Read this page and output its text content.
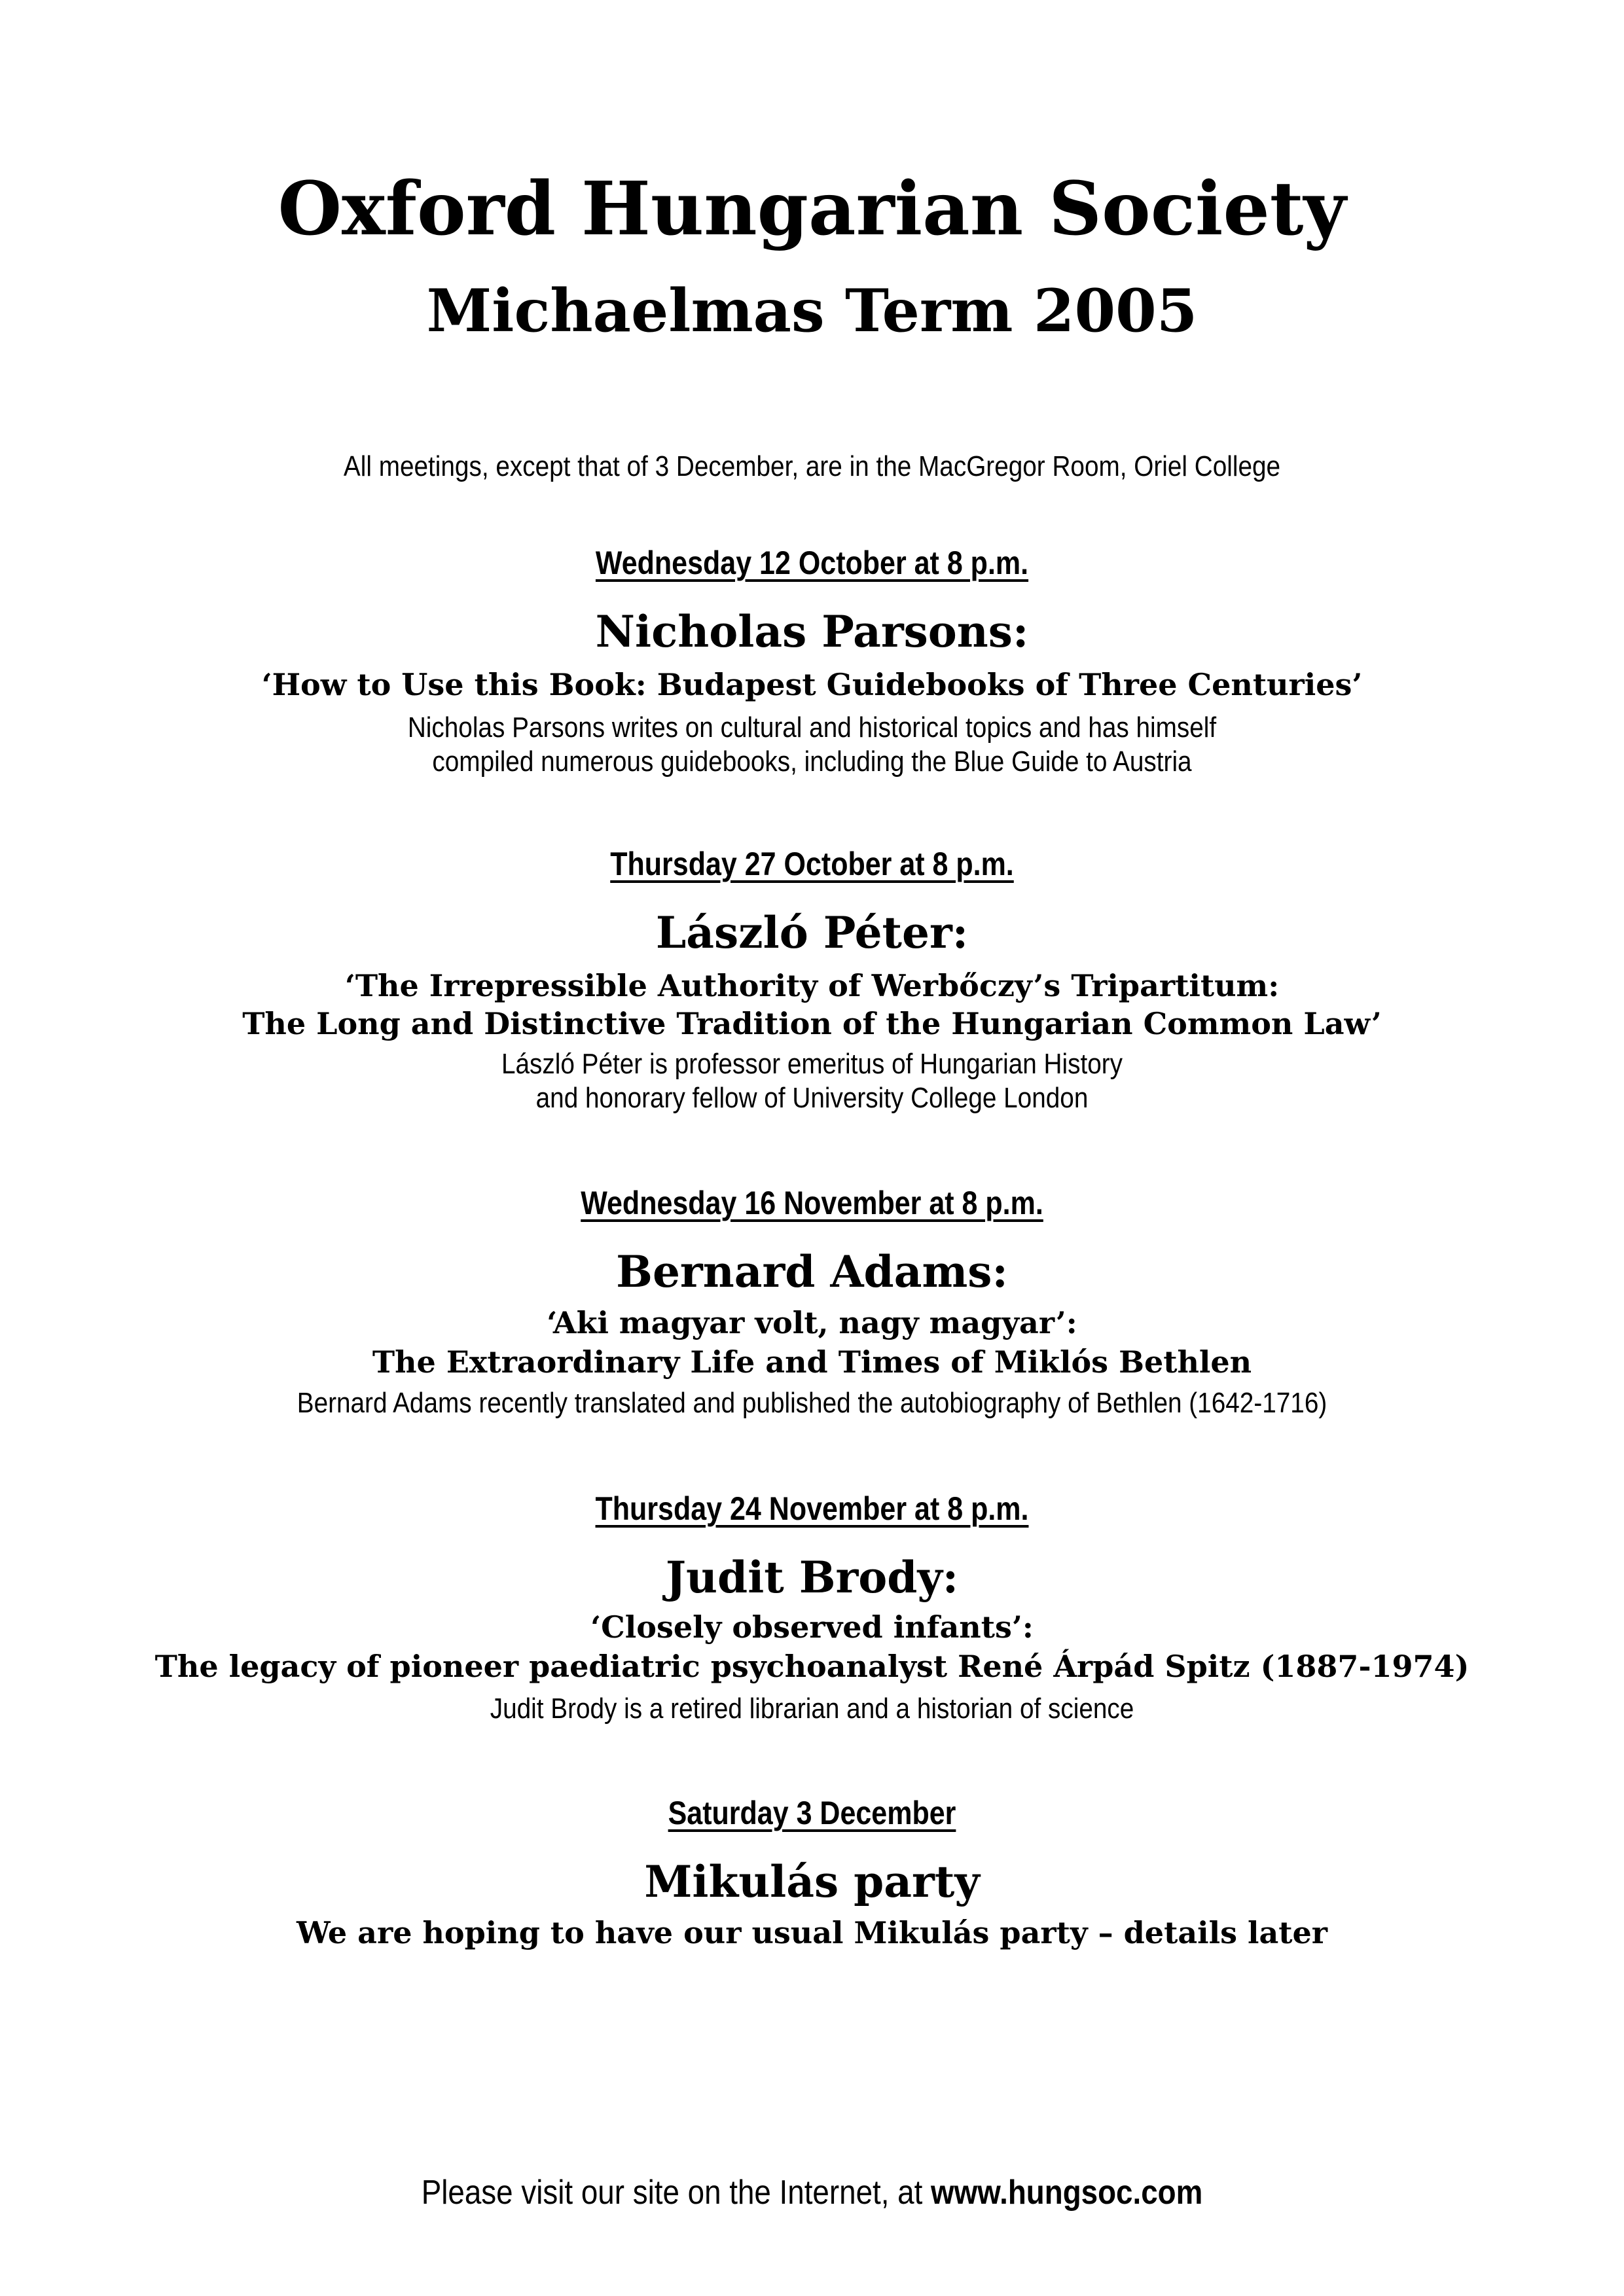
Oxford Hungarian Society
Michaelmas Term 2005

All meetings, except that of 3 December, are in the MacGregor Room, Oriel College

Wednesday 12 October at 8 p.m.

Nicholas Parsons:

‘How to Use this Book: Budapest Guidebooks of Three Centuries’

Nicholas Parsons writes on cultural and historical topics and has himself

compiled numerous guidebooks, including the Blue Guide to Austria

Thursday 27 October at 8 p.m.

László Péter:

‘The Irrepressible Authority of Werbőczy’s Tripartitum:

The Long and Distinctive Tradition of the Hungarian Common Law’

László Péter is professor emeritus of Hungarian History

and honorary fellow of University College London

Wednesday 16 November at 8 p.m.

Bernard Adams:

‘Aki magyar volt, nagy magyar’:

The Extraordinary Life and Times of Miklós Bethlen

Bernard Adams recently translated and published the autobiography of Bethlen (1642-1716)

Thursday 24 November at 8 p.m.

Judit Brody:

‘Closely observed infants’:

The legacy of pioneer paediatric psychoanalyst René Árpád Spitz (1887-1974)

Judit Brody is a retired librarian and a historian of science

Saturday 3 December

Mikulás party

We are hoping to have our usual Mikulás party – details later

Please visit our site on the Internet, at www.hungsoc.com
